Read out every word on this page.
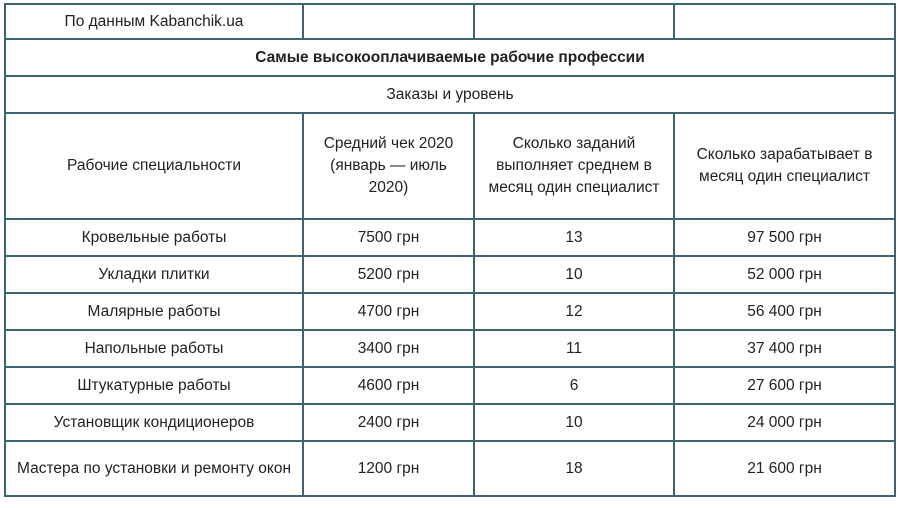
По данным Kabanchik.ua			
Самые высокооплачиваемые рабочие профессии			
Заказы и уровень			
Рабочие специальности	Средний чек 2020 (январь — июль 2020)	Сколько заданий выполняет среднем в месяц один специалист	Сколько зарабатывает в месяц один специалист
Кровельные работы	7500 грн	13	97 500 грн
Укладки плитки	5200 грн	10	52 000 грн
Малярные работы	4700 грн	12	56 400 грн
Напольные работы	3400 грн	11	37 400 грн
Штукатурные работы	4600 грн	6	27 600 грн
Установщик кондиционеров	2400 грн	10	24 000 грн
Мастера по установки и ремонту окон	1200 грн	18	21 600 грн
